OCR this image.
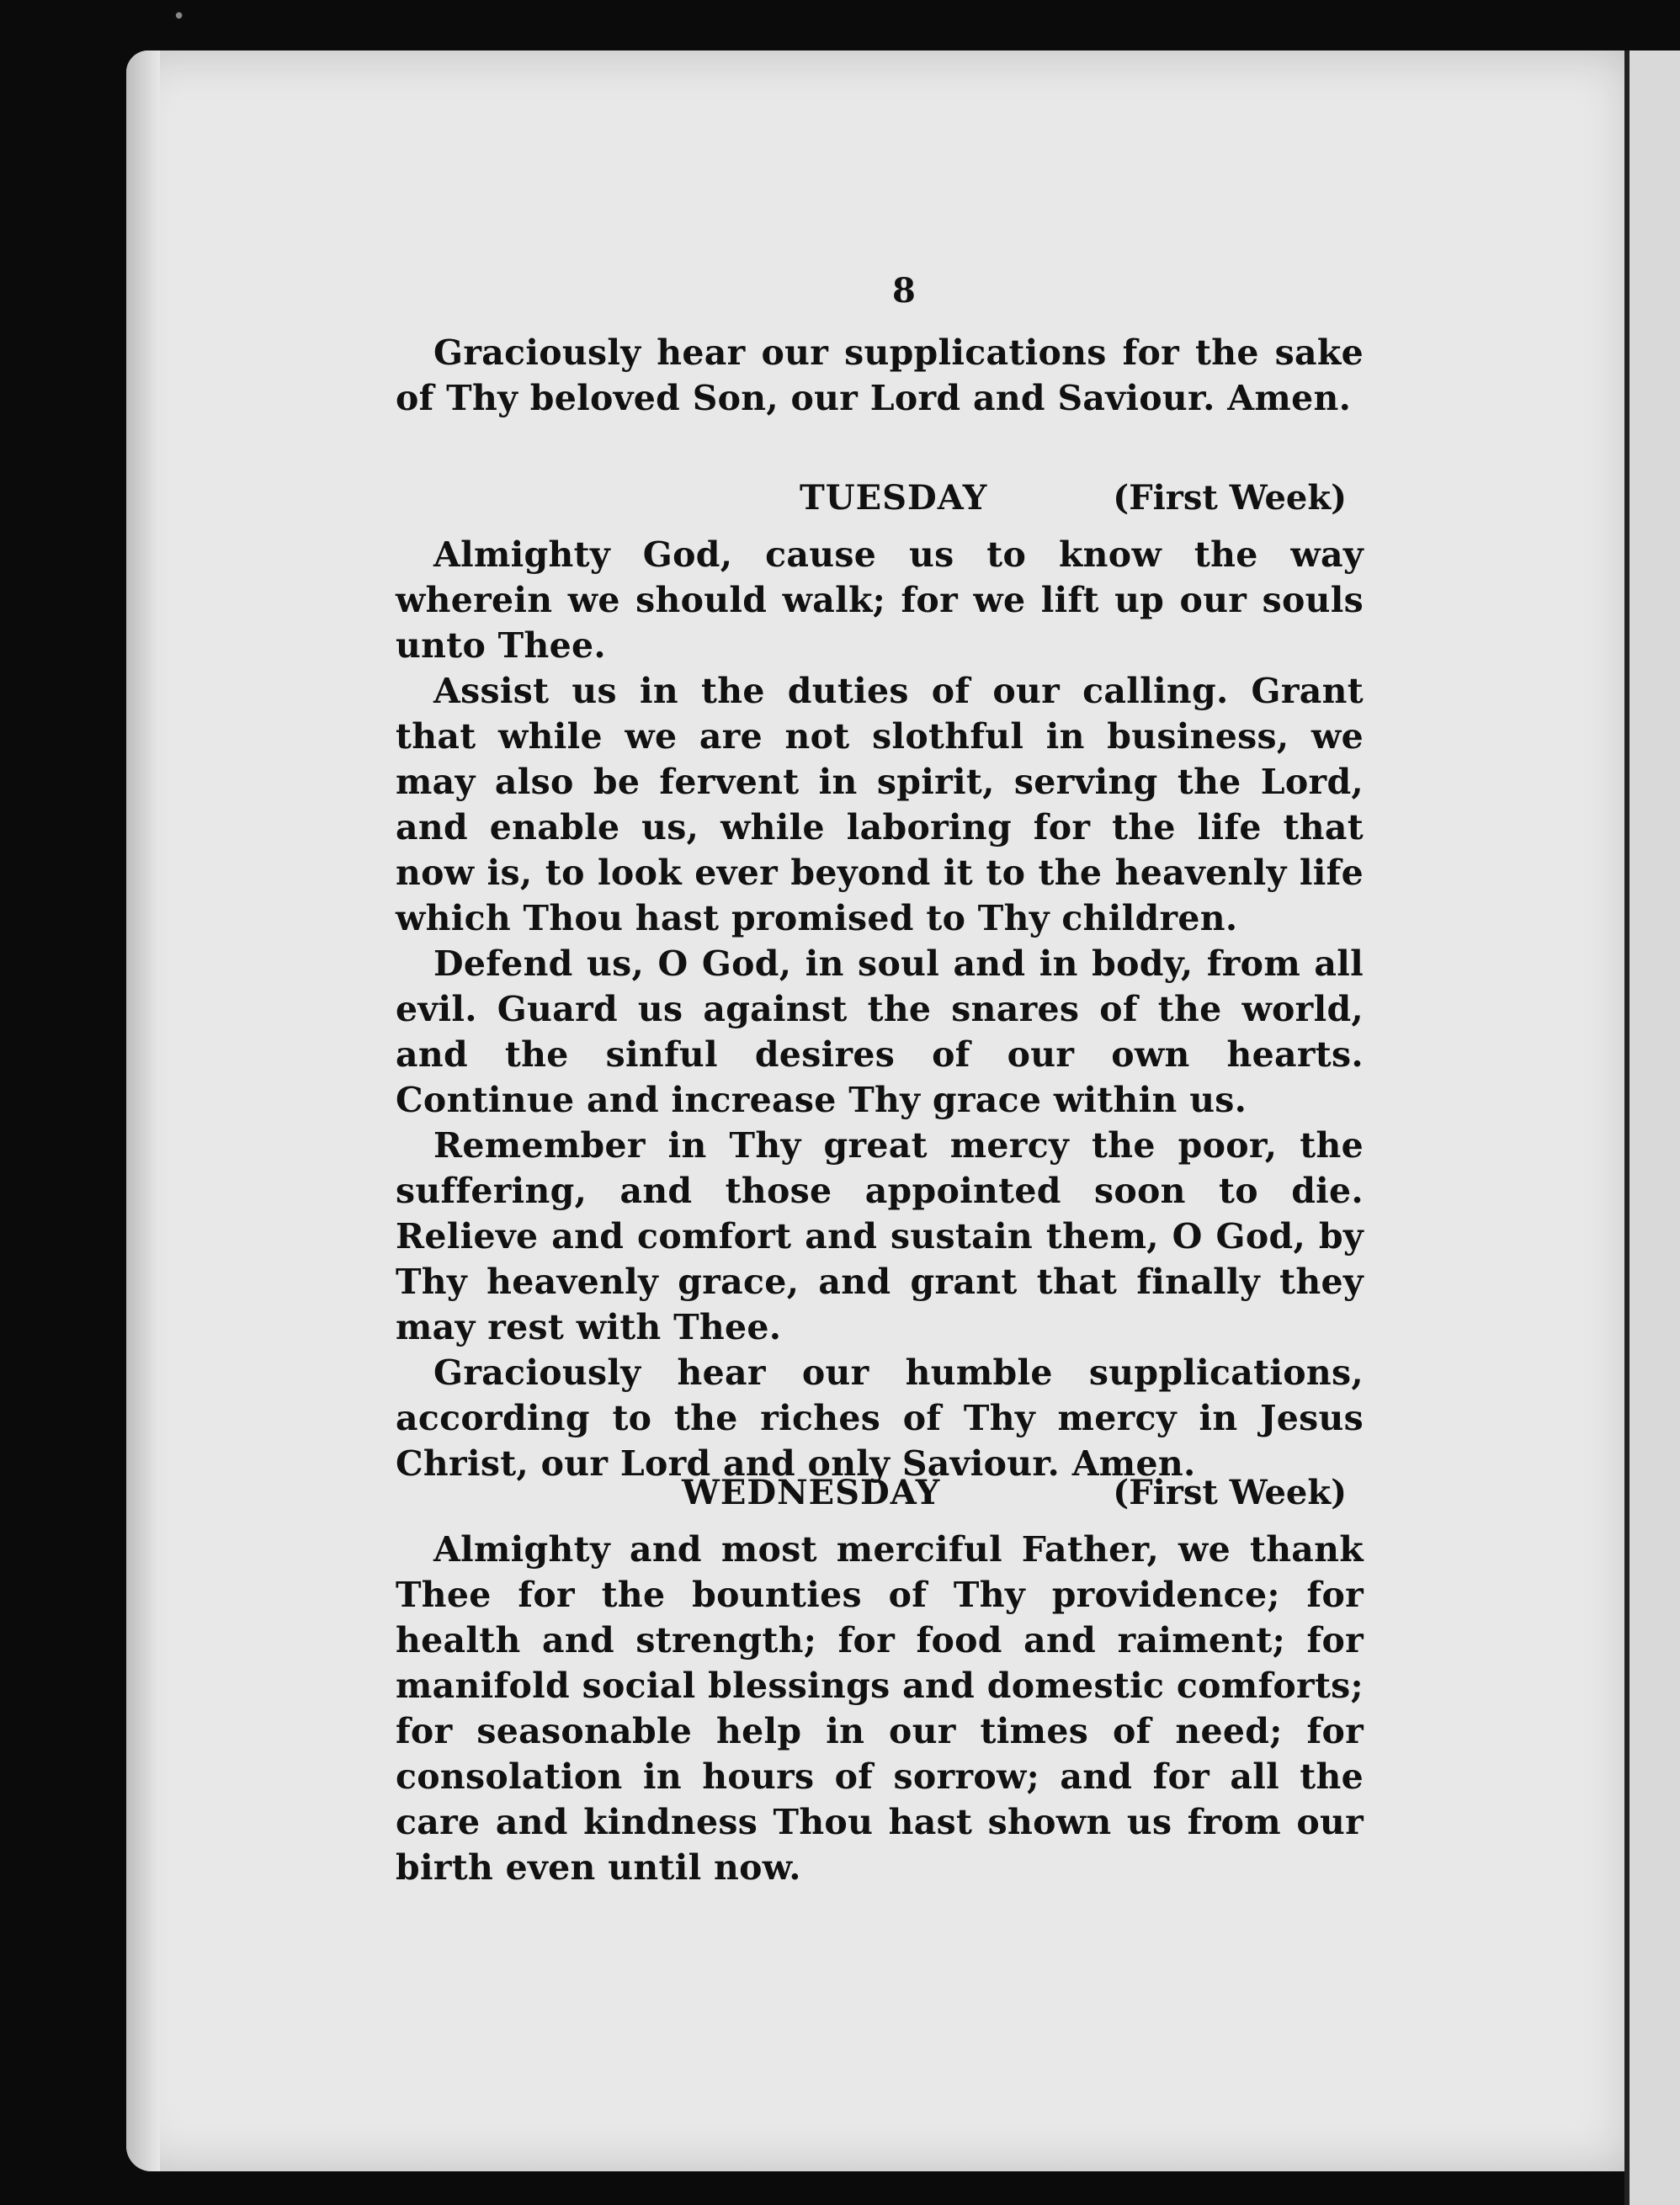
•
8

Graciously hear our supplications for the sake of Thy beloved Son, our Lord and Saviour. Amen.

TUESDAY	(First Week)

Almighty God, cause us to know the way wherein we should walk; for we lift up our souls unto Thee.

Assist us in the duties of our calling. Grant that while we are not slothful in business, we may also be fervent in spirit, serving the Lord, and enable us, while laboring for the life that now is, to look ever beyond it to the heavenly life which Thou hast promised to Thy children.

Defend us, O God, in soul and in body, from all evil. Guard us against the snares of the world, and the sinful desires of our own hearts. Continue and increase Thy grace within us.

Remember in Thy great mercy the poor, the suffering, and those appointed soon to die. Relieve and comfort and sustain them, O God, by Thy heavenly grace, and grant that finally they may rest with Thee.

Graciously hear our humble supplications, according to the riches of Thy mercy in Jesus Christ, our Lord and only Saviour. Amen.

WEDNESDAY	(First Week)

Almighty and most merciful Father, we thank Thee for the bounties of Thy providence; for health and strength; for food and raiment; for manifold social blessings and domestic comforts; for seasonable help in our times of need; for consolation in hours of sorrow; and for all the care and kindness Thou hast shown us from our birth even until now.
